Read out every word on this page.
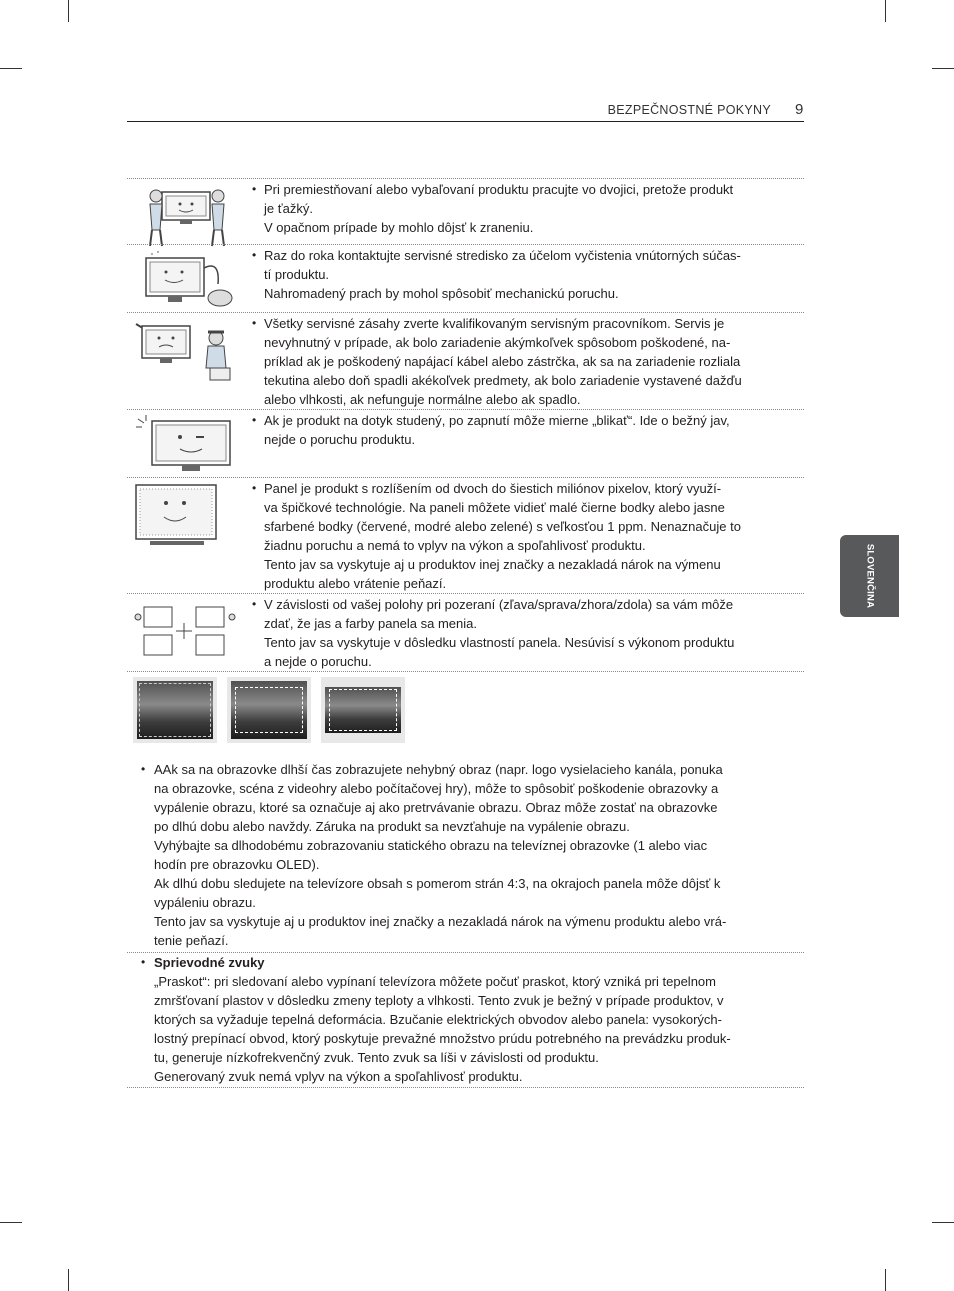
BEZPEČNOSTNÉ POKYNY 9
SLOVENČINA
• Pri premiestňovaní alebo vybaľovaní produktu pracujte vo dvojici, pretože produkt
je ťažký.
V opačnom prípade by mohlo dôjsť k zraneniu.
• Raz do roka kontaktujte servisné stredisko za účelom vyčistenia vnútorných súčas-
tí produktu.
Nahromadený prach by mohol spôsobiť mechanickú poruchu.
• Všetky servisné zásahy zverte kvalifikovaným servisným pracovníkom. Servis je
nevyhnutný v prípade, ak bolo zariadenie akýmkoľvek spôsobom poškodené, na-
príklad ak je poškodený napájací kábel alebo zástrčka, ak sa na zariadenie rozliala
tekutina alebo doň spadli akékoľvek predmety, ak bolo zariadenie vystavené dažďu
alebo vlhkosti, ak nefunguje normálne alebo ak spadlo.
• Ak je produkt na dotyk studený, po zapnutí môže mierne „blikať“. Ide o bežný jav,
nejde o poruchu produktu.
• Panel je produkt s rozlíšením od dvoch do šiestich miliónov pixelov, ktorý využí-
va špičkové technológie. Na paneli môžete vidieť malé čierne bodky alebo jasne
sfarbené bodky (červené, modré alebo zelené) s veľkosťou 1 ppm. Nenaznačuje to
žiadnu poruchu a nemá to vplyv na výkon a spoľahlivosť produktu.
Tento jav sa vyskytuje aj u produktov inej značky a nezakladá nárok na výmenu
produktu alebo vrátenie peňazí.
• V závislosti od vašej polohy pri pozeraní (zľava/sprava/zhora/zdola) sa vám môže
zdať, že jas a farby panela sa menia.
Tento jav sa vyskytuje v dôsledku vlastností panela. Nesúvisí s výkonom produktu
a nejde o poruchu.
• AAk sa na obrazovke dlhší čas zobrazujete nehybný obraz (napr. logo vysielacieho kanála, ponuka
na obrazovke, scéna z videohry alebo počítačovej hry), môže to spôsobiť poškodenie obrazovky a
vypálenie obrazu, ktoré sa označuje aj ako pretrvávanie obrazu. Obraz môže zostať na obrazovke
po dlhú dobu alebo navždy. Záruka na produkt sa nevzťahuje na vypálenie obrazu.
Vyhýbajte sa dlhodobému zobrazovaniu statického obrazu na televíznej obrazovke (1 alebo viac
hodín pre obrazovku OLED).
Ak dlhú dobu sledujete na televízore obsah s pomerom strán 4:3, na okrajoch panela môže dôjsť k
vypáleniu obrazu.
Tento jav sa vyskytuje aj u produktov inej značky a nezakladá nárok na výmenu produktu alebo vrá-
tenie peňazí.
• Sprievodné zvuky
„Praskot“: pri sledovaní alebo vypínaní televízora môžete počuť praskot, ktorý vzniká pri tepelnom
zmršťovaní plastov v dôsledku zmeny teploty a vlhkosti. Tento zvuk je bežný v prípade produktov, v
ktorých sa vyžaduje tepelná deformácia. Bzučanie elektrických obvodov alebo panela: vysokorých-
lostný prepínací obvod, ktorý poskytuje prevažné množstvo prúdu potrebného na prevádzku produk-
tu, generuje nízkofrekvenčný zvuk. Tento zvuk sa líši v závislosti od produktu.
Generovaný zvuk nemá vplyv na výkon a spoľahlivosť produktu.
